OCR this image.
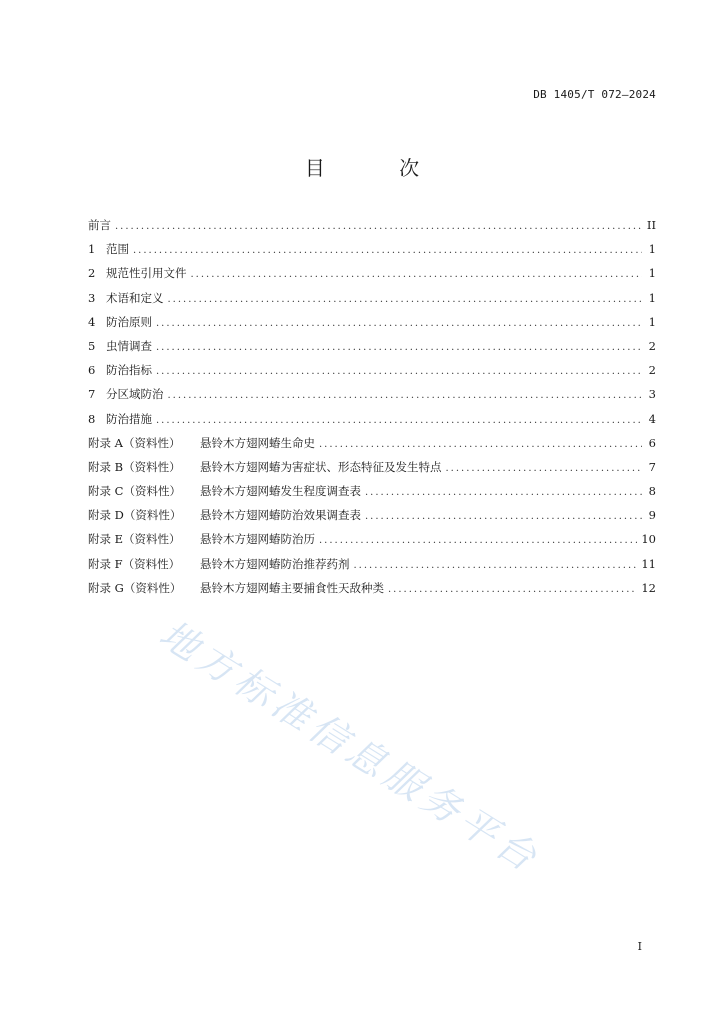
DB 1405/T 072—2024
目 次
前言 .....	II
1 范围 .....	1
2 规范性引用文件 .....	1
3 术语和定义 .....	1
4 防治原则 .....	1
5 虫情调查 .....	2
6 防治指标 .....	2
7 分区域防治 .....	3
8 防治措施 .....	4
附录 A（资料性）	悬铃木方翅网蝽生命史 .....	6
附录 B（资料性）	悬铃木方翅网蝽为害症状、形态特征及发生特点 .....	7
附录 C（资料性）	悬铃木方翅网蝽发生程度调查表 .....	8
附录 D（资料性）	悬铃木方翅网蝽防治效果调查表 .....	9
附录 E（资料性）	悬铃木方翅网蝽防治历 .....	10
附录 F（资料性）	悬铃木方翅网蝽防治推荐药剂 .....	11
附录 G（资料性）	悬铃木方翅网蝽主要捕食性天敌种类 .....	12
地方标准信息服务平台
I
